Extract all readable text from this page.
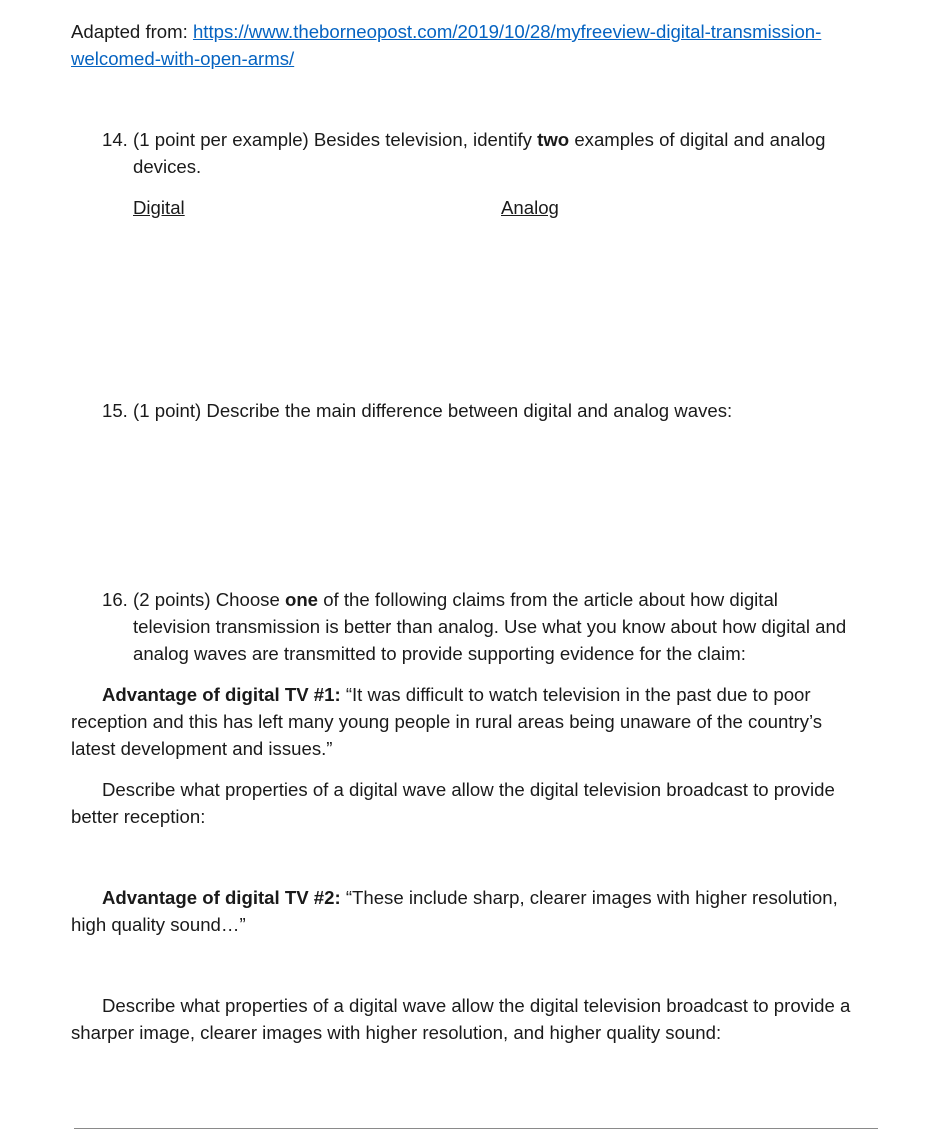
Adapted from: https://www.theborneopost.com/2019/10/28/myfreeview-digital-transmission-
welcomed-with-open-arms/
14. (1 point per example) Besides television, identify two examples of digital and analog
devices.
Digital	Analog
15. (1 point) Describe the main difference between digital and analog waves:
16. (2 points) Choose one of the following claims from the article about how digital
television transmission is better than analog. Use what you know about how digital and
analog waves are transmitted to provide supporting evidence for the claim:
Advantage of digital TV #1: “It was difficult to watch television in the past due to poor
reception and this has left many young people in rural areas being unaware of the country’s
latest development and issues.”
Describe what properties of a digital wave allow the digital television broadcast to provide
better reception:
Advantage of digital TV #2: “These include sharp, clearer images with higher resolution,
high quality sound…”
Describe what properties of a digital wave allow the digital television broadcast to provide a
sharper image, clearer images with higher resolution, and higher quality sound:
